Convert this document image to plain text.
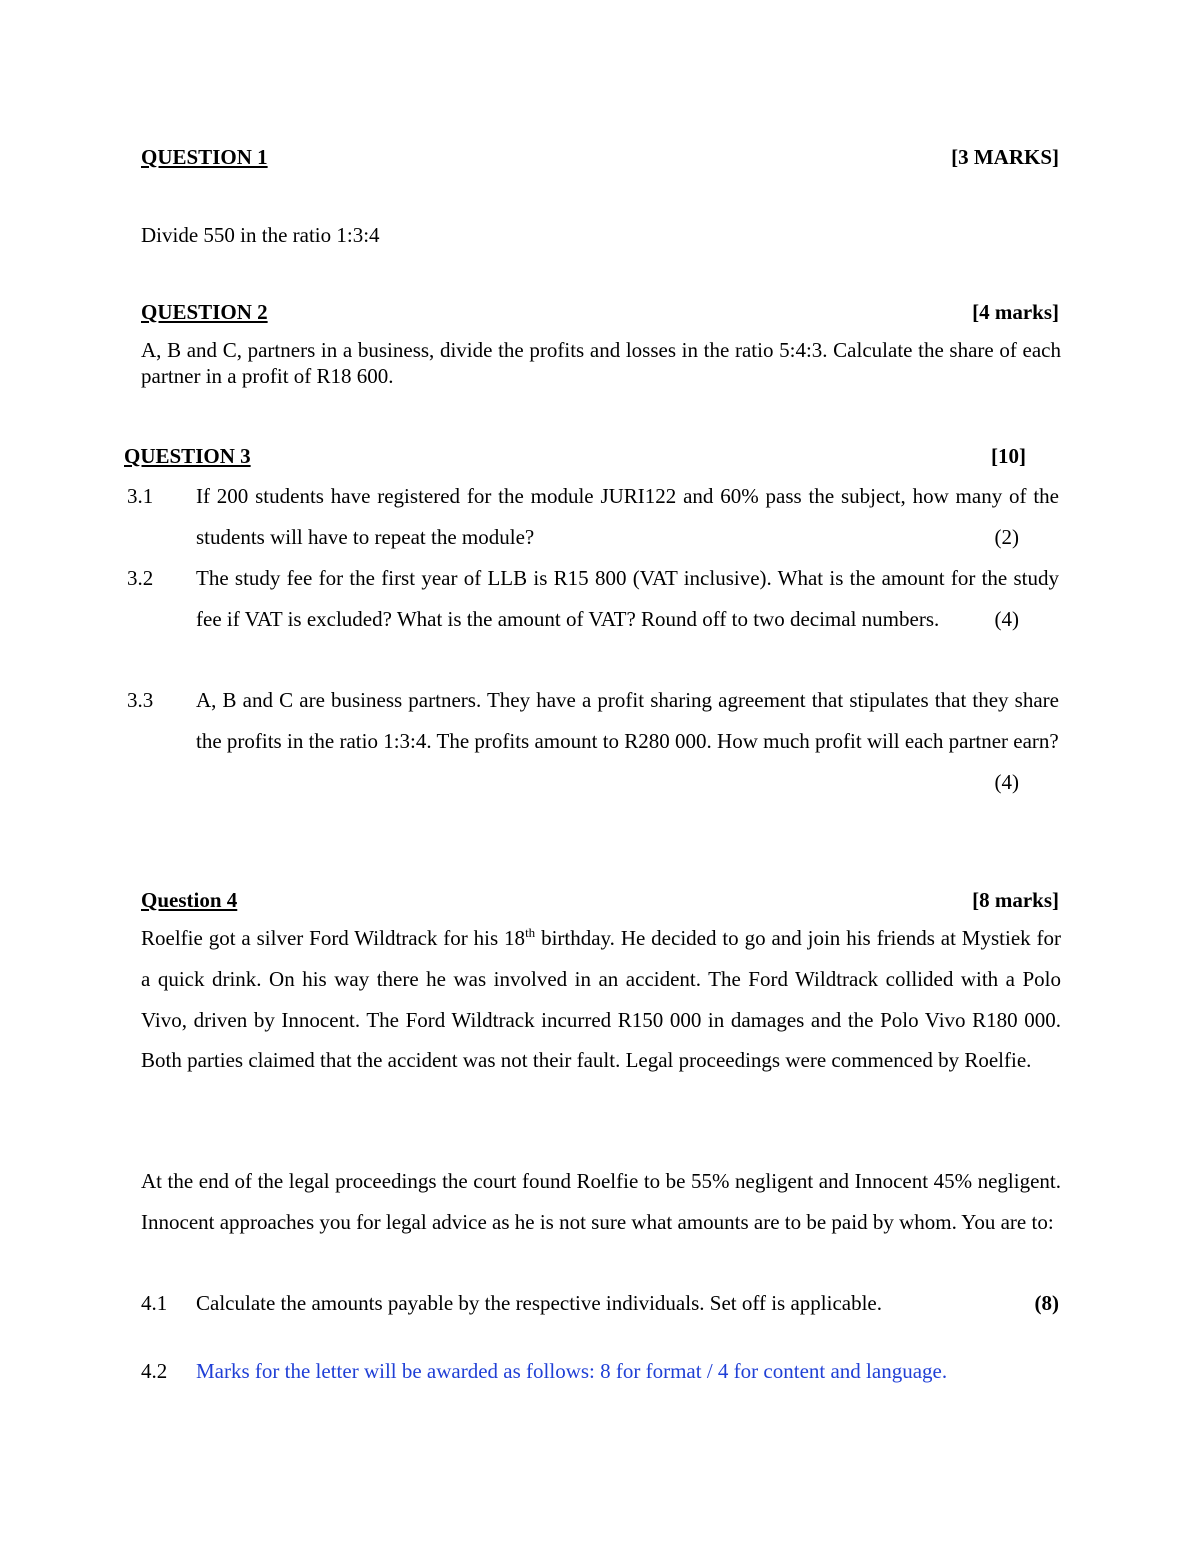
QUESTION 1	[3 MARKS]
Divide 550 in the ratio 1:3:4
QUESTION 2	[4 marks]
A, B and C, partners in a business, divide the profits and losses in the ratio 5:4:3. Calculate the share of each partner in a profit of R18 600.
QUESTION 3	[10]
3.1	If 200 students have registered for the module JURI122 and 60% pass the subject, how many of the students will have to repeat the module?	(2)
3.2	The study fee for the first year of LLB is R15 800 (VAT inclusive). What is the amount for the study fee if VAT is excluded? What is the amount of VAT? Round off to two decimal numbers.	(4)
3.3	A, B and C are business partners. They have a profit sharing agreement that stipulates that they share the profits in the ratio 1:3:4. The profits amount to R280 000. How much profit will each partner earn?
(4)
Question 4	[8 marks]
Roelfie got a silver Ford Wildtrack for his 18th birthday. He decided to go and join his friends at Mystiek for a quick drink. On his way there he was involved in an accident. The Ford Wildtrack collided with a Polo Vivo, driven by Innocent. The Ford Wildtrack incurred R150 000 in damages and the Polo Vivo R180 000. Both parties claimed that the accident was not their fault. Legal proceedings were commenced by Roelfie.
At the end of the legal proceedings the court found Roelfie to be 55% negligent and Innocent 45% negligent. Innocent approaches you for legal advice as he is not sure what amounts are to be paid by whom. You are to:
4.1 Calculate the amounts payable by the respective individuals. Set off is applicable.	(8)
4.2 Marks for the letter will be awarded as follows: 8 for format / 4 for content and language.
